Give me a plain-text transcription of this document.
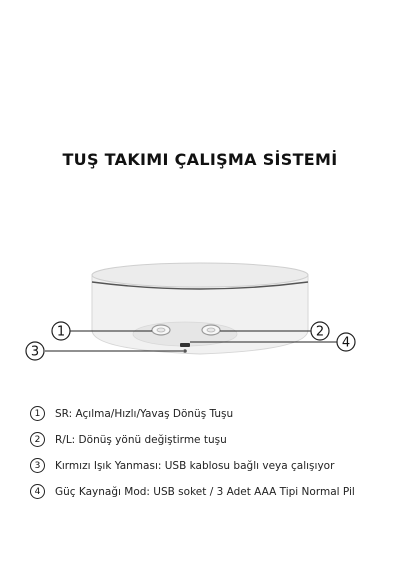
TUŞ TAKIMI ÇALIŞMA SİSTEMİ
1	2
3
4
1	SR: Açılma/Hızlı/Yavaş Dönüş Tuşu
2	R/L: Dönüş yönü değiştirme tuşu
3	Kırmızı Işık Yanması: USB kablosu bağlı veya çalışıyor
4	Güç Kaynağı Mod: USB soket / 3 Adet AAA Tipi Normal Pil
